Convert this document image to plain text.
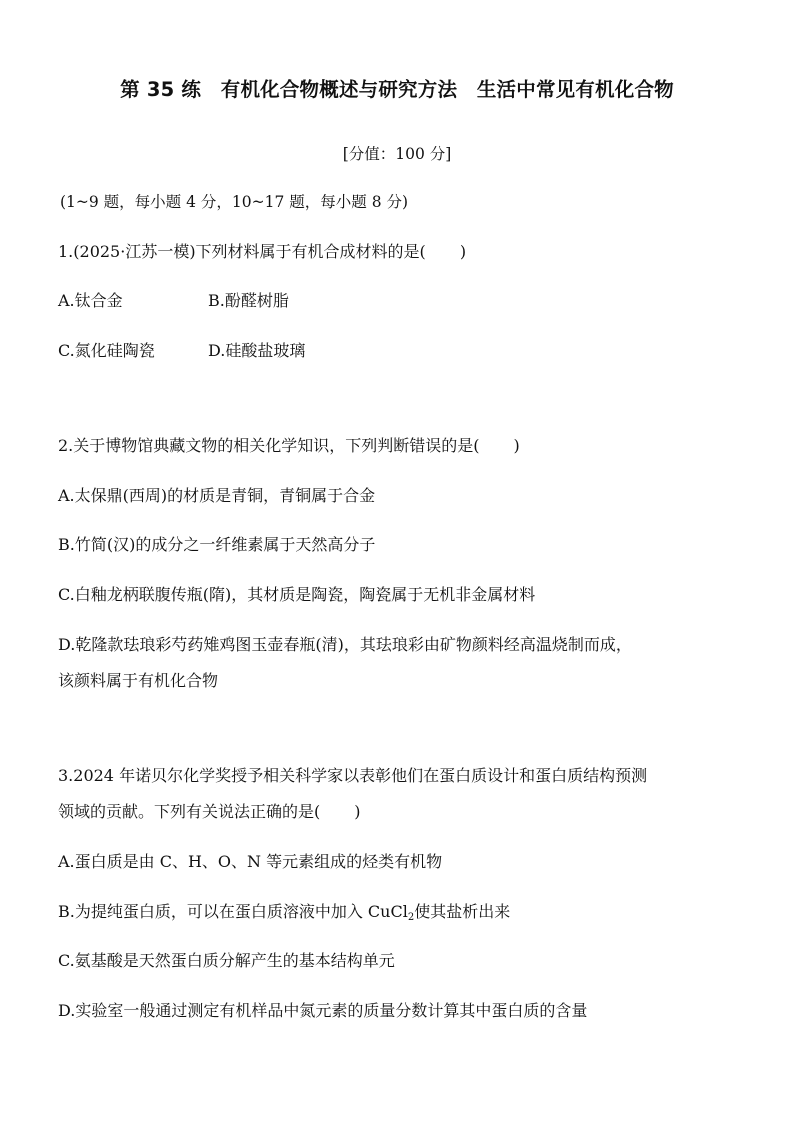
第 35 练　有机化合物概述与研究方法　生活中常见有机化合物
[分值：100 分]
(1~9 题，每小题 4 分，10~17 题，每小题 8 分)
1.(2025·江苏一模)下列材料属于有机合成材料的是( )
A.钛合金	B.酚醛树脂
C.氮化硅陶瓷	D.硅酸盐玻璃
2.关于博物馆典藏文物的相关化学知识，下列判断错误的是( )
A.太保鼎(西周)的材质是青铜，青铜属于合金
B.竹简(汉)的成分之一纤维素属于天然高分子
C.白釉龙柄联腹传瓶(隋)，其材质是陶瓷，陶瓷属于无机非金属材料
D.乾隆款珐琅彩芍药雉鸡图玉壶春瓶(清)，其珐琅彩由矿物颜料经高温烧制而成，
该颜料属于有机化合物
3.2024 年诺贝尔化学奖授予相关科学家以表彰他们在蛋白质设计和蛋白质结构预测
领域的贡献。下列有关说法正确的是( )
A.蛋白质是由 C、H、O、N 等元素组成的烃类有机物
B.为提纯蛋白质，可以在蛋白质溶液中加入 CuCl$_2$使其盐析出来
C.氨基酸是天然蛋白质分解产生的基本结构单元
D.实验室一般通过测定有机样品中氮元素的质量分数计算其中蛋白质的含量
